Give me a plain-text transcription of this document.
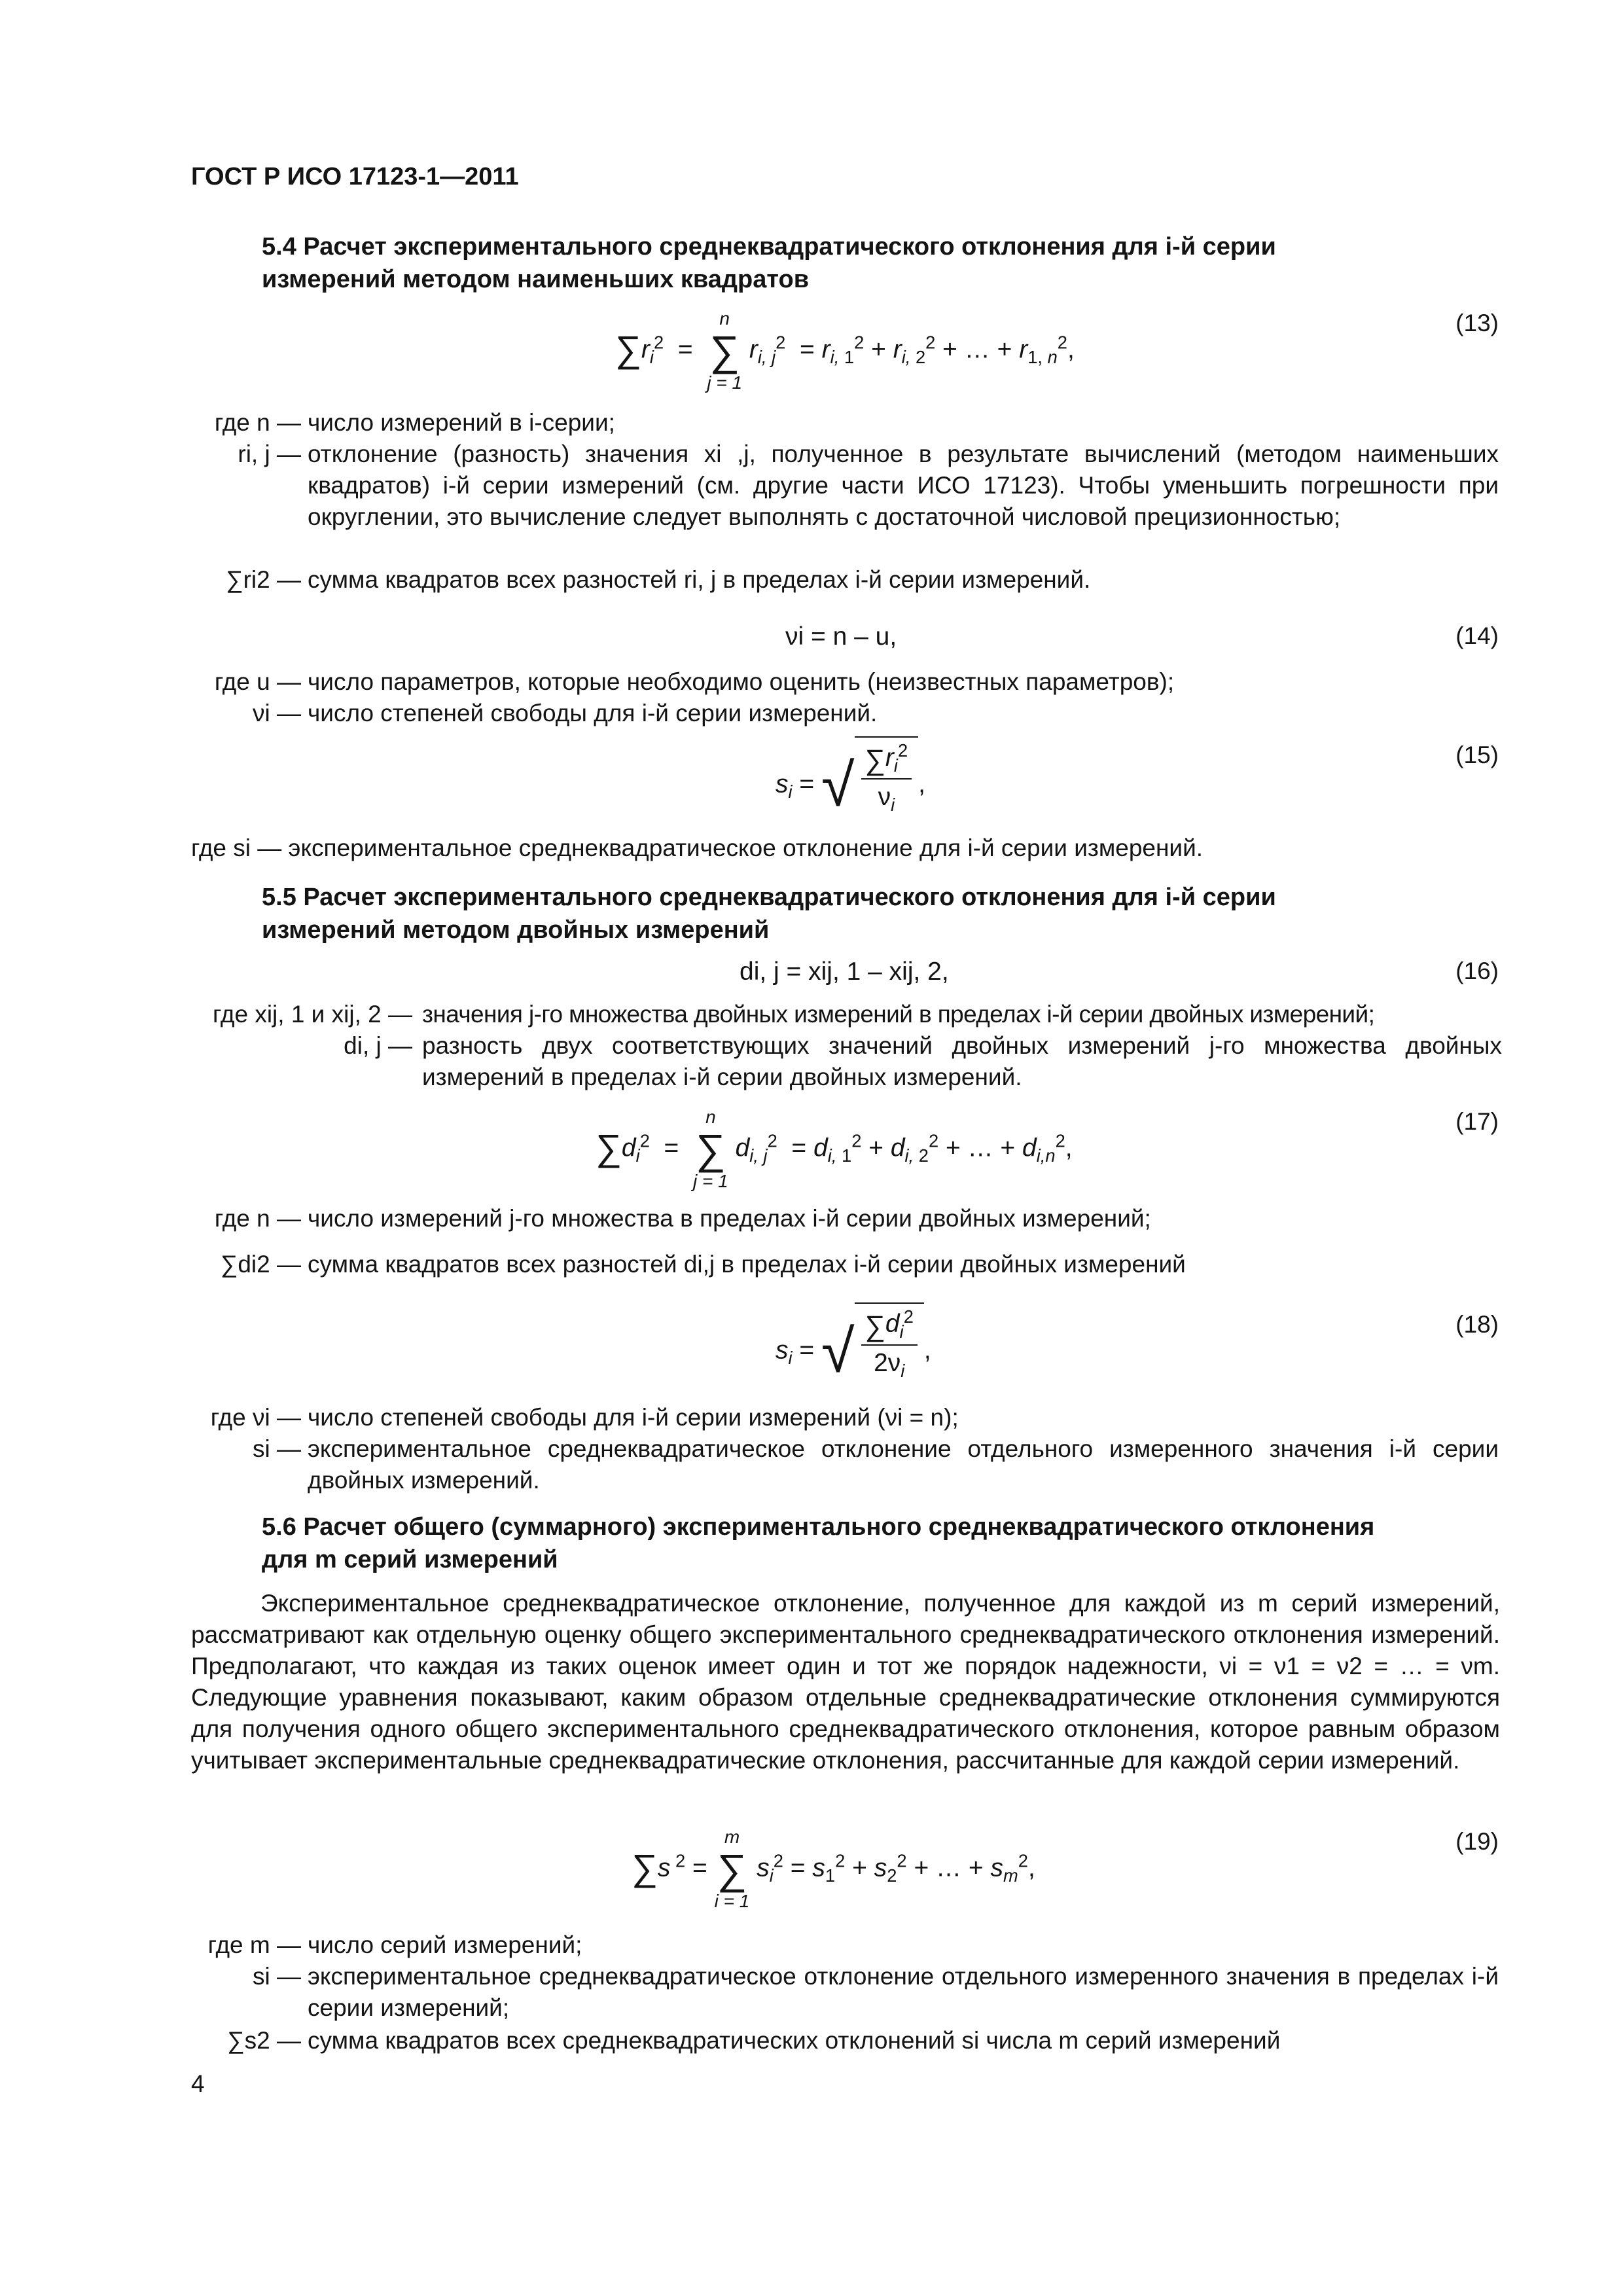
ГОСТ Р ИСО 17123-1—2011
5.4 Расчет экспериментального среднеквадратического отклонения для i-й серии
измерений методом наименьших квадратов
$\sum r_i^2$  =
n
∑
j = 1
$r_{i, j}^2 = r_{i, 1}^2 + r_{i, 2}^2$ + … + $r_{1, n}^2$,
(13)
где n — число измерений в i-серии;
ri, j — отклонение (разность) значения xi ,j, полученное в результате вычислений (методом наименьших квадратов) i-й серии измерений (см. другие части ИСО 17123). Чтобы уменьшить погрешности при округлении, это вычисление следует выполнять с достаточной числовой прецизионностью;
∑ri2 — сумма квадратов всех разностей ri, j в пределах i-й серии измерений.
νi = n – u,	(14)
где u — число параметров, которые необходимо оценить (неизвестных параметров);
νi — число степеней свободы для i-й серии измерений.
$s_i$ = √ $\frac{\sum r_i^2}{\nu_i}$ ,
(15)
где si — экспериментальное среднеквадратическое отклонение для i-й серии измерений.
5.5 Расчет экспериментального среднеквадратического отклонения для i-й серии
измерений методом двойных измерений
di, j = xij, 1 – xij, 2,	(16)
где xij, 1 и xij, 2 — значения j-го множества двойных измерений в пределах i-й серии двойных измерений;
di, j — разность двух соответствующих значений двойных измерений j-го множества двойных измерений в пределах i-й серии двойных измерений.
$\sum d_i^2$  =
n
∑
j = 1
$d_{i, j}^2 = d_{i, 1}^2 + d_{i, 2}^2$ + … + $d_{i,n}^2$,
(17)
где n — число измерений j-го множества в пределах i-й серии двойных измерений;
∑di2 — сумма квадратов всех разностей di,j в пределах i-й серии двойных измерений
$s_i$ = √ $\frac{\sum d_i^2}{2\nu_i}$ ,
(18)
где νi — число степеней свободы для i-й серии измерений (νi = n);
si — экспериментальное среднеквадратическое отклонение отдельного измеренного значения i-й серии двойных измерений.
5.6 Расчет общего (суммарного) экспериментального среднеквадратического отклонения
для m серий измерений
Экспериментальное среднеквадратическое отклонение, полученное для каждой из m серий измерений, рассматривают как отдельную оценку общего экспериментального среднеквадратического отклонения измерений. Предполагают, что каждая из таких оценок имеет один и тот же порядок надежности, νi = ν1 = ν2 = … = νm. Следующие уравнения показывают, каким образом отдельные среднеквадратические отклонения суммируются для получения одного общего экспериментального среднеквадратического отклонения, которое равным образом учитывает экспериментальные среднеквадратические отклонения, рассчитанные для каждой серии измерений.
∑s $^2$ =
m
∑
i = 1
$s_i^2 = s_1^2 + s_2^2$ + … + $s_m^2$,
(19)
где m — число серий измерений;
si — экспериментальное среднеквадратическое отклонение отдельного измеренного значения в пределах i-й серии измерений;
∑s2 — сумма квадратов всех среднеквадратических отклонений si числа m серий измерений
4
